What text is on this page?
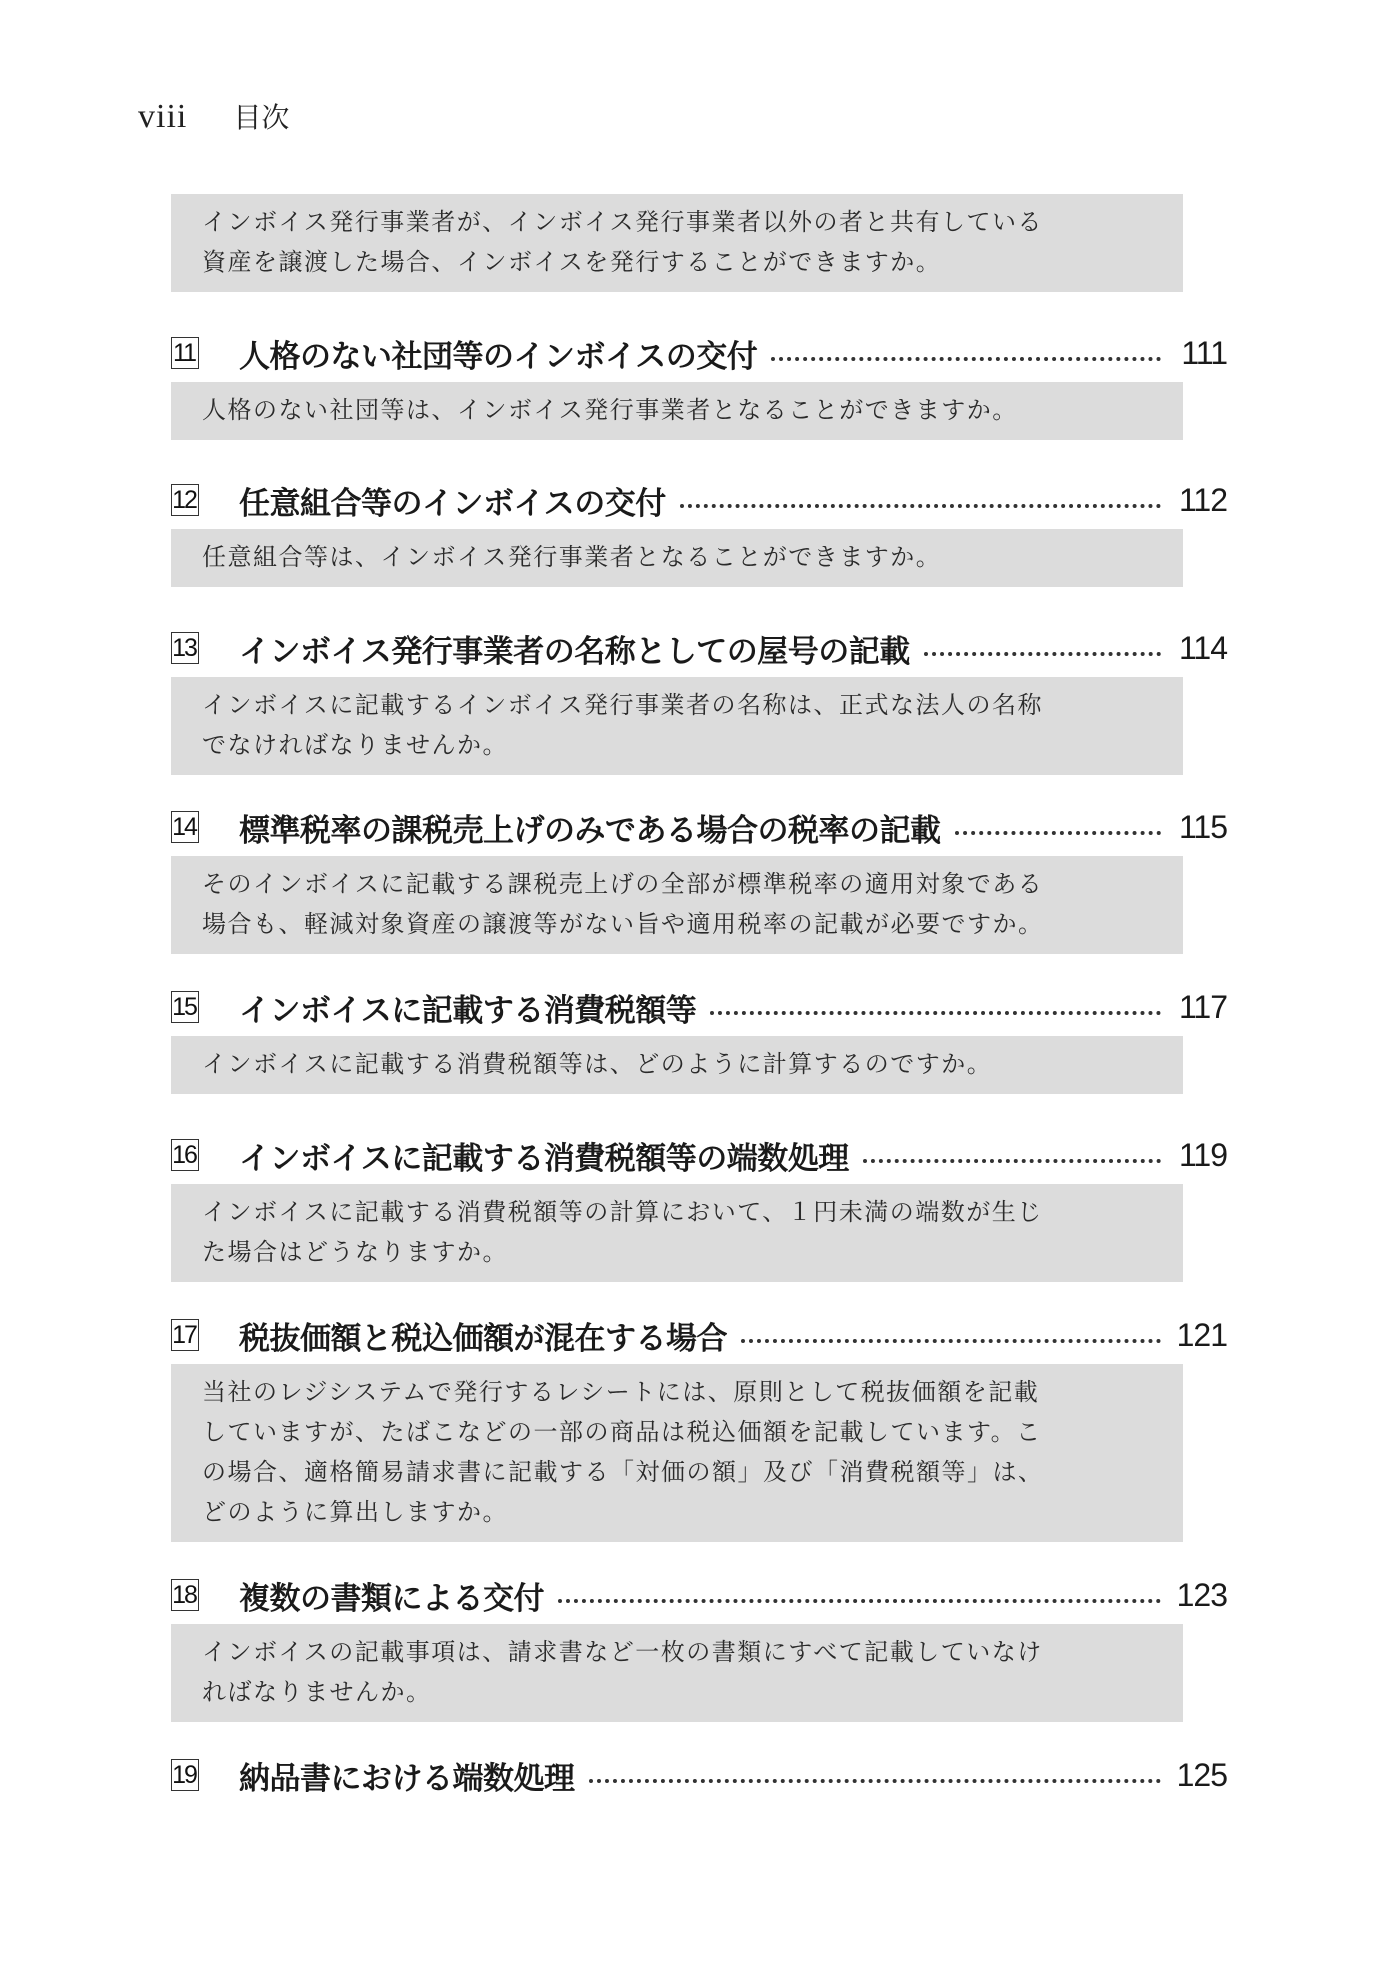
viii 目次
インボイス発行事業者が、インボイス発行事業者以外の者と共有している
資産を譲渡した場合、インボイスを発行することができますか。
11 人格のない社団等のインボイスの交付	111
人格のない社団等は、インボイス発行事業者となることができますか。
12 任意組合等のインボイスの交付	112
任意組合等は、インボイス発行事業者となることができますか。
13 インボイス発行事業者の名称としての屋号の記載	114
インボイスに記載するインボイス発行事業者の名称は、正式な法人の名称
でなければなりませんか。
14 標準税率の課税売上げのみである場合の税率の記載	115
そのインボイスに記載する課税売上げの全部が標準税率の適用対象である
場合も、軽減対象資産の譲渡等がない旨や適用税率の記載が必要ですか。
15 インボイスに記載する消費税額等	117
インボイスに記載する消費税額等は、どのように計算するのですか。
16 インボイスに記載する消費税額等の端数処理	119
インボイスに記載する消費税額等の計算において、１円未満の端数が生じ
た場合はどうなりますか。
17 税抜価額と税込価額が混在する場合	121
当社のレジシステムで発行するレシートには、原則として税抜価額を記載
していますが、たばこなどの一部の商品は税込価額を記載しています。こ
の場合、適格簡易請求書に記載する「対価の額」及び「消費税額等」は、
どのように算出しますか。
18 複数の書類による交付	123
インボイスの記載事項は、請求書など一枚の書類にすべて記載していなけ
ればなりませんか。
19 納品書における端数処理	125
